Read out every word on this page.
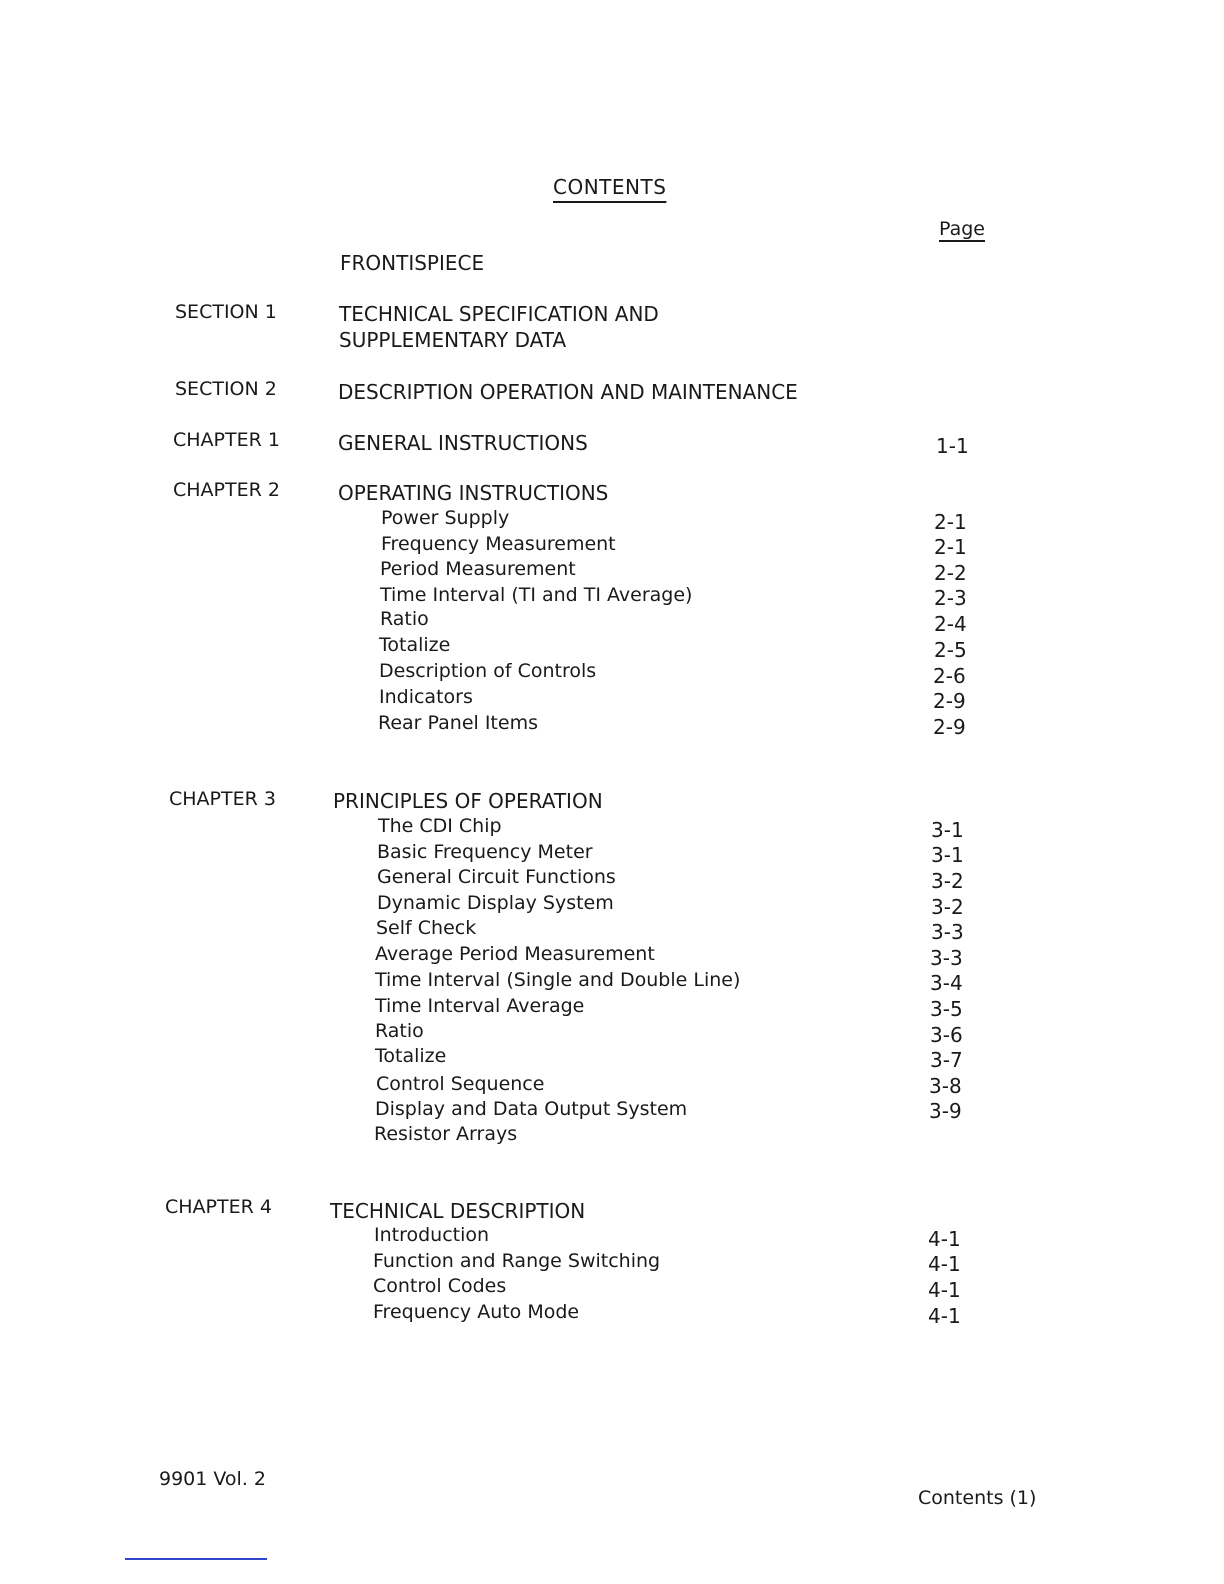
CONTENTS
Page
FRONTISPIECE
SECTION 1	TECHNICAL SPECIFICATION AND
SUPPLEMENTARY DATA
SECTION 2	DESCRIPTION OPERATION AND MAINTENANCE
CHAPTER 1	GENERAL INSTRUCTIONS	1-1
CHAPTER 2	OPERATING INSTRUCTIONS
Power Supply	2-1
Frequency Measurement	2-1
Period Measurement	2-2
Time Interval (TI and TI Average)	2-3
Ratio	2-4
Totalize	2-5
Description of Controls	2-6
Indicators	2-9
Rear Panel Items	2-9
CHAPTER 3	PRINCIPLES OF OPERATION
The CDI Chip	3-1
Basic Frequency Meter	3-1
General Circuit Functions	3-2
Dynamic Display System	3-2
Self Check	3-3
Average Period Measurement	3-3
Time Interval (Single and Double Line)	3-4
Time Interval Average	3-5
Ratio	3-6
Totalize	3-7
Control Sequence	3-8
Display and Data Output System	3-9
Resistor Arrays
CHAPTER 4	TECHNICAL DESCRIPTION
Introduction	4-1
Function and Range Switching	4-1
Control Codes	4-1
Frequency Auto Mode	4-1
9901 Vol. 2
Contents (1)
